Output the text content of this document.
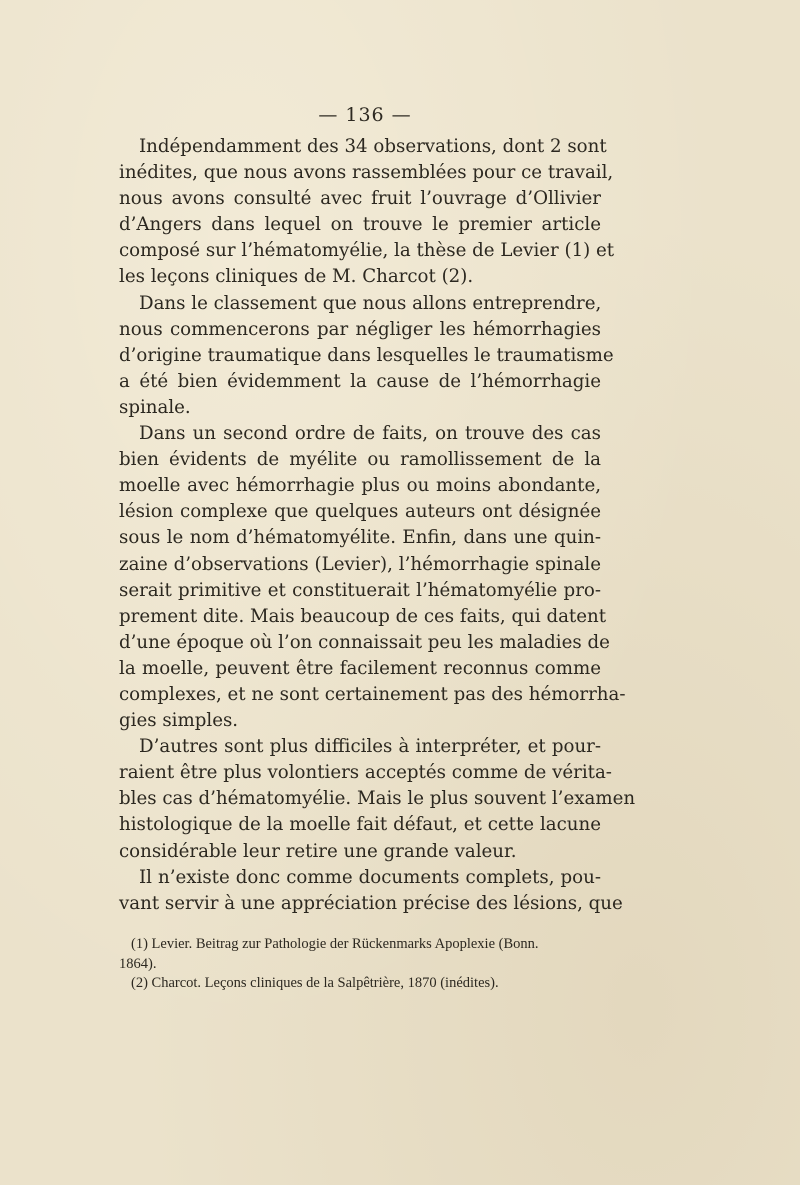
— 136 —

Indépendamment des 34 observations, dont 2 sont
inédites, que nous avons rassemblées pour ce travail,
nous avons consulté avec fruit l’ouvrage d’Ollivier
d’Angers dans lequel on trouve le premier article
composé sur l’hématomyélie, la thèse de Levier (1) et
les leçons cliniques de M. Charcot (2).

Dans le classement que nous allons entreprendre,
nous commencerons par négliger les hémorrhagies
d’origine traumatique dans lesquelles le traumatisme
a été bien évidemment la cause de l’hémorrhagie
spinale.

Dans un second ordre de faits, on trouve des cas
bien évidents de myélite ou ramollissement de la
moelle avec hémorrhagie plus ou moins abondante,
lésion complexe que quelques auteurs ont désignée
sous le nom d’hématomyélite. Enfin, dans une quin-
zaine d’observations (Levier), l’hémorrhagie spinale
serait primitive et constituerait l’hématomyélie pro-
prement dite. Mais beaucoup de ces faits, qui datent
d’une époque où l’on connaissait peu les maladies de
la moelle, peuvent être facilement reconnus comme
complexes, et ne sont certainement pas des hémorrha-
gies simples.

D’autres sont plus difficiles à interpréter, et pour-
raient être plus volontiers acceptés comme de vérita-
bles cas d’hématomyélie. Mais le plus souvent l’examen
histologique de la moelle fait défaut, et cette lacune
considérable leur retire une grande valeur.

Il n’existe donc comme documents complets, pou-
vant servir à une appréciation précise des lésions, que

(1) Levier. Beitrag zur Pathologie der Rückenmarks Apoplexie (Bonn.
1864).
(2) Charcot. Leçons cliniques de la Salpêtrière, 1870 (inédites).
